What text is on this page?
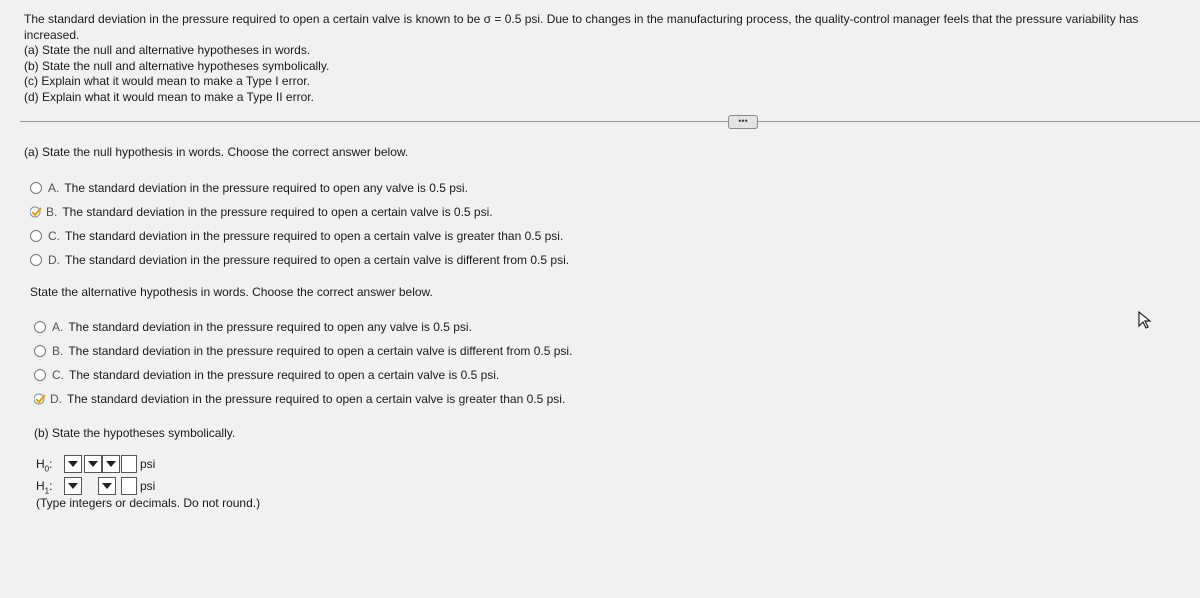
The standard deviation in the pressure required to open a certain valve is known to be σ = 0.5 psi. Due to changes in the manufacturing process, the quality-control manager feels that the pressure variability has increased.
(a) State the null and alternative hypotheses in words.
(b) State the null and alternative hypotheses symbolically.
(c) Explain what it would mean to make a Type I error.
(d) Explain what it would mean to make a Type II error.
•••
(a) State the null hypothesis in words. Choose the correct answer below.
A. The standard deviation in the pressure required to open any valve is 0.5 psi.
B. The standard deviation in the pressure required to open a certain valve is 0.5 psi.
C. The standard deviation in the pressure required to open a certain valve is greater than 0.5 psi.
D. The standard deviation in the pressure required to open a certain valve is different from 0.5 psi.
State the alternative hypothesis in words. Choose the correct answer below.
A. The standard deviation in the pressure required to open any valve is 0.5 psi.
B. The standard deviation in the pressure required to open a certain valve is different from 0.5 psi.
C. The standard deviation in the pressure required to open a certain valve is 0.5 psi.
D. The standard deviation in the pressure required to open a certain valve is greater than 0.5 psi.
(b) State the hypotheses symbolically.
$H_0$:	psi
$H_1$:	psi
(Type integers or decimals. Do not round.)
